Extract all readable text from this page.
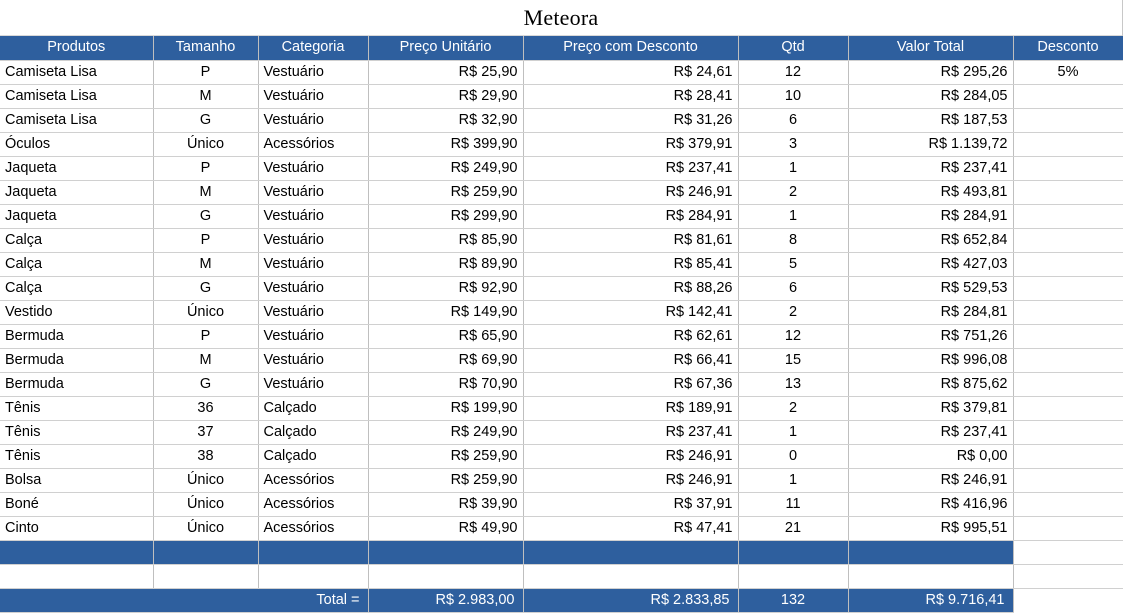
Meteora
Produtos	Tamanho	Categoria	Preço Unitário	Preço com Desconto	Qtd	Valor Total	Desconto
Camiseta Lisa	P	Vestuário	R$ 25,90	R$ 24,61	12	R$ 295,26	5%
Camiseta Lisa	M	Vestuário	R$ 29,90	R$ 28,41	10	R$ 284,05	
Camiseta Lisa	G	Vestuário	R$ 32,90	R$ 31,26	6	R$ 187,53	
Óculos	Único	Acessórios	R$ 399,90	R$ 379,91	3	R$ 1.139,72	
Jaqueta	P	Vestuário	R$ 249,90	R$ 237,41	1	R$ 237,41	
Jaqueta	M	Vestuário	R$ 259,90	R$ 246,91	2	R$ 493,81	
Jaqueta	G	Vestuário	R$ 299,90	R$ 284,91	1	R$ 284,91	
Calça	P	Vestuário	R$ 85,90	R$ 81,61	8	R$ 652,84	
Calça	M	Vestuário	R$ 89,90	R$ 85,41	5	R$ 427,03	
Calça	G	Vestuário	R$ 92,90	R$ 88,26	6	R$ 529,53	
Vestido	Único	Vestuário	R$ 149,90	R$ 142,41	2	R$ 284,81	
Bermuda	P	Vestuário	R$ 65,90	R$ 62,61	12	R$ 751,26	
Bermuda	M	Vestuário	R$ 69,90	R$ 66,41	15	R$ 996,08	
Bermuda	G	Vestuário	R$ 70,90	R$ 67,36	13	R$ 875,62	
Tênis	36	Calçado	R$ 199,90	R$ 189,91	2	R$ 379,81	
Tênis	37	Calçado	R$ 249,90	R$ 237,41	1	R$ 237,41	
Tênis	38	Calçado	R$ 259,90	R$ 246,91	0	R$ 0,00	
Bolsa	Único	Acessórios	R$ 259,90	R$ 246,91	1	R$ 246,91	
Boné	Único	Acessórios	R$ 39,90	R$ 37,91	11	R$ 416,96	
Cinto	Único	Acessórios	R$ 49,90	R$ 47,41	21	R$ 995,51	

Total =			R$ 2.983,00	R$ 2.833,85	132	R$ 9.716,41	
